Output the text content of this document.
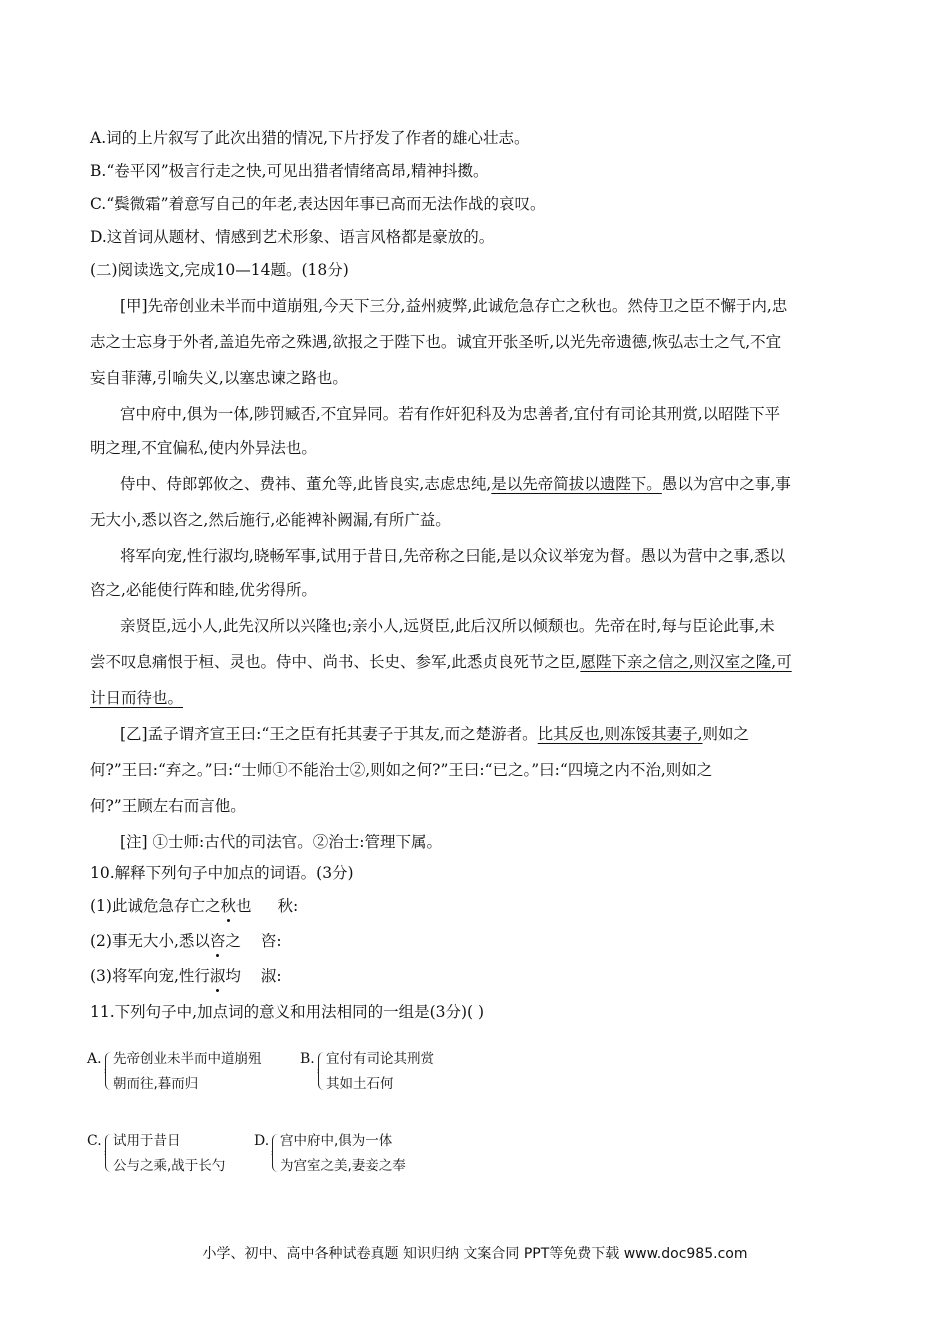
A.词的上片叙写了此次出猎的情况,下片抒发了作者的雄心壮志。
B.“卷平冈”极言行走之快,可见出猎者情绪高昂,精神抖擞。
C.“鬓微霜”着意写自己的年老,表达因年事已高而无法作战的哀叹。
D.这首词从题材、情感到艺术形象、语言风格都是豪放的。
(二)阅读选文,完成10—14题。(18分)
[甲]先帝创业未半而中道崩殂,今天下三分,益州疲弊,此诚危急存亡之秋也。然侍卫之臣不懈于内,忠
志之士忘身于外者,盖追先帝之殊遇,欲报之于陛下也。诚宜开张圣听,以光先帝遗德,恢弘志士之气,不宜
妄自菲薄,引喻失义,以塞忠谏之路也。
宫中府中,俱为一体,陟罚臧否,不宜异同。若有作奸犯科及为忠善者,宜付有司论其刑赏,以昭陛下平
明之理,不宜偏私,使内外异法也。
侍中、侍郎郭攸之、费祎、董允等,此皆良实,志虑忠纯,是以先帝简拔以遗陛下。愚以为宫中之事,事
无大小,悉以咨之,然后施行,必能裨补阙漏,有所广益。
将军向宠,性行淑均,晓畅军事,试用于昔日,先帝称之曰能,是以众议举宠为督。愚以为营中之事,悉以
咨之,必能使行阵和睦,优劣得所。
亲贤臣,远小人,此先汉所以兴隆也;亲小人,远贤臣,此后汉所以倾颓也。先帝在时,每与臣论此事,未
尝不叹息痛恨于桓、灵也。侍中、尚书、长史、参军,此悉贞良死节之臣,愿陛下亲之信之,则汉室之隆,可
计日而待也。
[乙]孟子谓齐宣王曰:“王之臣有托其妻子于其友,而之楚游者。比其反也,则冻馁其妻子,则如之
何?”王曰:“弃之。”曰:“士师①不能治士②,则如之何?”王曰:“已之。”曰:“四境之内不治,则如之
何?”王顾左右而言他。
[注] ①士师:古代的司法官。②治士:管理下属。
10.解释下列句子中加点的词语。(3分)
(1)此诚危急存亡之秋也 秋:
(2)事无大小,悉以咨之 咨:
(3)将军向宠,性行淑均 淑:
11.下列句子中,加点词的意义和用法相同的一组是(3分)( )
A. 先帝创业未半而中道崩殂
朝而往,暮而归
B. 宜付有司论其刑赏
其如土石何
C. 试用于昔日
公与之乘,战于长勺
D. 宫中府中,俱为一体
为宫室之美,妻妾之奉
小学、初中、高中各种试卷真题 知识归纳 文案合同 PPT等免费下载 www.doc985.com
